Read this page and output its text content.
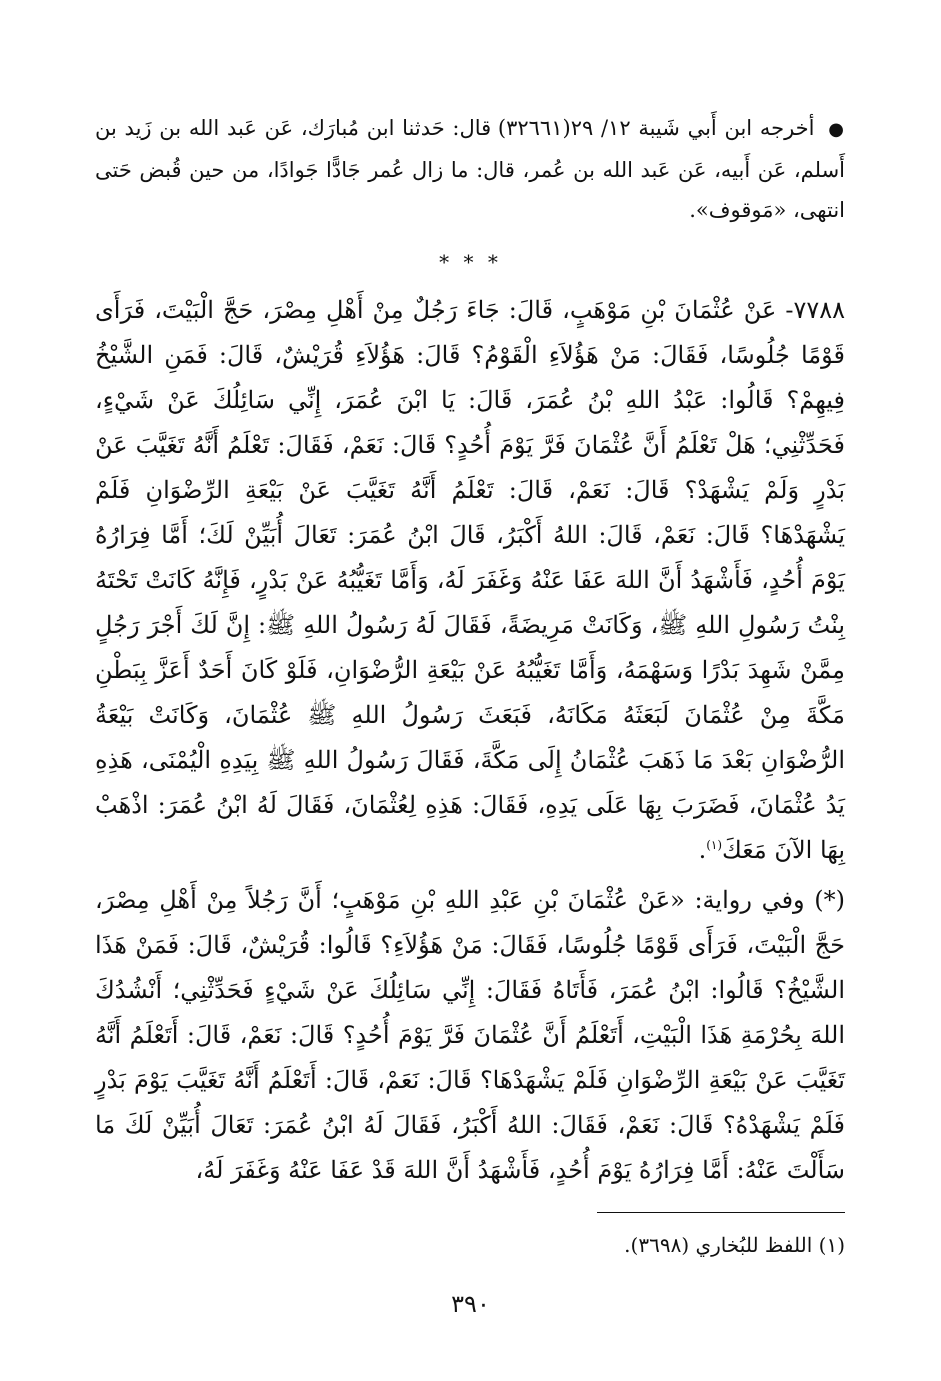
● أخرجه ابن أَبي شَيبة ١٢/ ٢٩(٣٢٦٦١) قال: حَدثنا ابن مُبارَك، عَن عَبد الله بن زَيد بن أَسلم، عَن أَبيه، عَن عَبد الله بن عُمر، قال: ما زال عُمر جَادًّا جَوادًا، من حين قُبض حَتى انتهى، «مَوقوف».

* * *

٧٧٨٨- عَنْ عُثْمَانَ بْنِ مَوْهَبٍ، قَالَ: جَاءَ رَجُلٌ مِنْ أَهْلِ مِصْرَ، حَجَّ الْبَيْتَ، فَرَأَى قَوْمًا جُلُوسًا، فَقَالَ: مَنْ هَؤُلاَءِ الْقَوْمُ؟ قَالَ: هَؤُلاَءِ قُرَيْشٌ، قَالَ: فَمَنِ الشَّيْخُ فِيهِمْ؟ قَالُوا: عَبْدُ اللهِ بْنُ عُمَرَ، قَالَ: يَا ابْنَ عُمَرَ، إِنِّي سَائِلُكَ عَنْ شَيْءٍ، فَحَدِّثْنِي؛ هَلْ تَعْلَمُ أَنَّ عُثْمَانَ فَرَّ يَوْمَ أُحُدٍ؟ قَالَ: نَعَمْ، فَقَالَ: تَعْلَمُ أَنَّهُ تَغَيَّبَ عَنْ بَدْرٍ وَلَمْ يَشْهَدْ؟ قَالَ: نَعَمْ، قَالَ: تَعْلَمُ أَنَّهُ تَغَيَّبَ عَنْ بَيْعَةِ الرِّضْوَانِ فَلَمْ يَشْهَدْهَا؟ قَالَ: نَعَمْ، قَالَ: اللهُ أَكْبَرُ، قَالَ ابْنُ عُمَرَ: تَعَالَ أُبَيِّنْ لَكَ؛ أَمَّا فِرَارُهُ يَوْمَ أُحُدٍ، فَأَشْهَدُ أَنَّ اللهَ عَفَا عَنْهُ وَغَفَرَ لَهُ، وَأَمَّا تَغَيُّبُهُ عَنْ بَدْرٍ، فَإِنَّهُ كَانَتْ تَحْتَهُ بِنْتُ رَسُولِ اللهِ ﷺ، وَكَانَتْ مَرِيضَةً، فَقَالَ لَهُ رَسُولُ اللهِ ﷺ: إِنَّ لَكَ أَجْرَ رَجُلٍ مِمَّنْ شَهِدَ بَدْرًا وَسَهْمَهُ، وَأَمَّا تَغَيُّبُهُ عَنْ بَيْعَةِ الرُّضْوَانِ، فَلَوْ كَانَ أَحَدٌ أَعَزَّ بِبَطْنِ مَكَّةَ مِنْ عُثْمَانَ لَبَعَثَهُ مَكَانَهُ، فَبَعَثَ رَسُولُ اللهِ ﷺ عُثْمَانَ، وَكَانَتْ بَيْعَةُ الرُّضْوَانِ بَعْدَ مَا ذَهَبَ عُثْمَانُ إِلَى مَكَّةَ، فَقَالَ رَسُولُ اللهِ ﷺ بِيَدِهِ الْيُمْنَى، هَذِهِ يَدُ عُثْمَانَ، فَضَرَبَ بِهَا عَلَى يَدِهِ، فَقَالَ: هَذِهِ لِعُثْمَانَ، فَقَالَ لَهُ ابْنُ عُمَرَ: اذْهَبْ بِهَا الآنَ مَعَكَ$^{(١)}$.

(*) وفي رواية: «عَنْ عُثْمَانَ بْنِ عَبْدِ اللهِ بْنِ مَوْهَبٍ؛ أَنَّ رَجُلاً مِنْ أَهْلِ مِصْرَ، حَجَّ الْبَيْتَ، فَرَأَى قَوْمًا جُلُوسًا، فَقَالَ: مَنْ هَؤُلاَءِ؟ قَالُوا: قُرَيْشٌ، قَالَ: فَمَنْ هَذَا الشَّيْخُ؟ قَالُوا: ابْنُ عُمَرَ، فَأَتَاهُ فَقَالَ: إِنِّي سَائِلُكَ عَنْ شَيْءٍ فَحَدِّثْنِي؛ أَنْشُدُكَ اللهَ بِحُرْمَةِ هَذَا الْبَيْتِ، أَتَعْلَمُ أَنَّ عُثْمَانَ فَرَّ يَوْمَ أُحُدٍ؟ قَالَ: نَعَمْ، قَالَ: أَتَعْلَمُ أَنَّهُ تَغَيَّبَ عَنْ بَيْعَةِ الرِّضْوَانِ فَلَمْ يَشْهَدْهَا؟ قَالَ: نَعَمْ، قَالَ: أَتَعْلَمُ أَنَّهُ تَغَيَّبَ يَوْمَ بَدْرٍ فَلَمْ يَشْهَدْهُ؟ قَالَ: نَعَمْ، فَقَالَ: اللهُ أَكْبَرُ، فَقَالَ لَهُ ابْنُ عُمَرَ: تَعَالَ أُبَيِّنْ لَكَ مَا سَأَلْتَ عَنْهُ: أَمَّا فِرَارُهُ يَوْمَ أُحُدٍ، فَأَشْهَدُ أَنَّ اللهَ قَدْ عَفَا عَنْهُ وَغَفَرَ لَهُ،

(١) اللفظ للبُخاري (٣٦٩٨).

٣٩٠
